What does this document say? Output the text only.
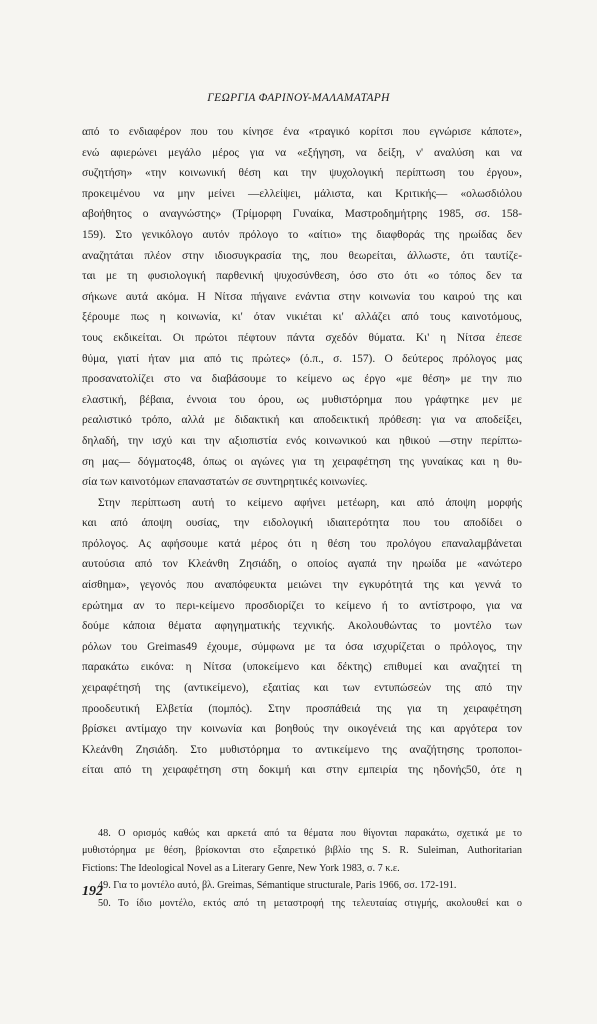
ΓΕΩΡΓΙΑ ΦΑΡΙΝΟΥ-ΜΑΛΑΜΑΤΑΡΗ
από το ενδιαφέρον που του κίνησε ένα «τραγικό κορίτσι που εγνώρισε κάποτε»,
ενώ αφιερώνει μεγάλο μέρος για να «εξήγηση, να δείξη, ν' αναλύση και να
συζητήση» «την κοινωνική θέση και την ψυχολογική περίπτωση του έργου»,
προκειμένου να μην μείνει —ελλείψει, μάλιστα, και Κριτικής— «ολωσδιόλου
αβοήθητος ο αναγνώστης» (Τρίμορφη Γυναίκα, Μαστροδημήτρης 1985, σσ. 158-
159). Στο γενικόλογο αυτόν πρόλογο το «αίτιο» της διαφθοράς της ηρωίδας δεν
αναζητάται πλέον στην ιδιοσυγκρασία της, που θεωρείται, άλλωστε, ότι ταυτίζε-
ται με τη φυσιολογική παρθενική ψυχοσύνθεση, όσο στο ότι «ο τόπος δεν τα
σήκωνε αυτά ακόμα. Η Νίτσα πήγαινε ενάντια στην κοινωνία του καιρού της και
ξέρουμε πως η κοινωνία, κι' όταν νικιέται κι' αλλάζει από τους καινοτόμους,
τους εκδικείται. Οι πρώτοι πέφτουν πάντα σχεδόν θύματα. Κι' η Νίτσα έπεσε
θύμα, γιατί ήταν μια από τις πρώτες» (ό.π., σ. 157). Ο δεύτερος πρόλογος μας
προσανατολίζει στο να διαβάσουμε το κείμενο ως έργο «με θέση» με την πιο
ελαστική, βέβαια, έννοια του όρου, ως μυθιστόρημα που γράφτηκε μεν με
ρεαλιστικό τρόπο, αλλά με διδακτική και αποδεικτική πρόθεση: για να αποδείξει,
δηλαδή, την ισχύ και την αξιοπιστία ενός κοινωνικού και ηθικού —στην περίπτω-
ση μας— δόγματος48, όπως οι αγώνες για τη χειραφέτηση της γυναίκας και η θυ-
σία των καινοτόμων επαναστατών σε συντηρητικές κοινωνίες.
Στην περίπτωση αυτή το κείμενο αφήνει μετέωρη, και από άποψη μορφής
και από άποψη ουσίας, την ειδολογική ιδιαιτερότητα που του αποδίδει ο
πρόλογος. Ας αφήσουμε κατά μέρος ότι η θέση του προλόγου επαναλαμβάνεται
αυτούσια από τον Κλεάνθη Ζησιάδη, ο οποίος αγαπά την ηρωίδα με «ανώτερο
αίσθημα», γεγονός που αναπόφευκτα μειώνει την εγκυρότητά της και γεννά το
ερώτημα αν το περι-κείμενο προσδιορίζει το κείμενο ή το αντίστροφο, για να
δούμε κάποια θέματα αφηγηματικής τεχνικής. Ακολουθώντας το μοντέλο των
ρόλων του Greimas49 έχουμε, σύμφωνα με τα όσα ισχυρίζεται ο πρόλογος, την
παρακάτω εικόνα: η Νίτσα (υποκείμενο και δέκτης) επιθυμεί και αναζητεί τη
χειραφέτησή της (αντικείμενο), εξαιτίας και των εντυπώσεών της από την
προοδευτική Ελβετία (πομπός). Στην προσπάθειά της για τη χειραφέτηση
βρίσκει αντίμαχο την κοινωνία και βοηθούς την οικογένειά της και αργότερα τον
Κλεάνθη Ζησιάδη. Στο μυθιστόρημα το αντικείμενο της αναζήτησης τροποποι-
είται από τη χειραφέτηση στη δοκιμή και στην εμπειρία της ηδονής50, ότε η
48. Ο ορισμός καθώς και αρκετά από τα θέματα που θίγονται παρακάτω, σχετικά με το
μυθιστόρημα με θέση, βρίσκονται στο εξαιρετικό βιβλίο της S. R. Suleiman, Authoritarian
Fictions: The Ideological Novel as a Literary Genre, New York 1983, σ. 7 κ.ε.
49. Για το μοντέλο αυτό, βλ. Greimas, Sémantique structurale, Paris 1966, σσ. 172-191.
50. Το ίδιο μοντέλο, εκτός από τη μεταστροφή της τελευταίας στιγμής, ακολουθεί και ο
192
